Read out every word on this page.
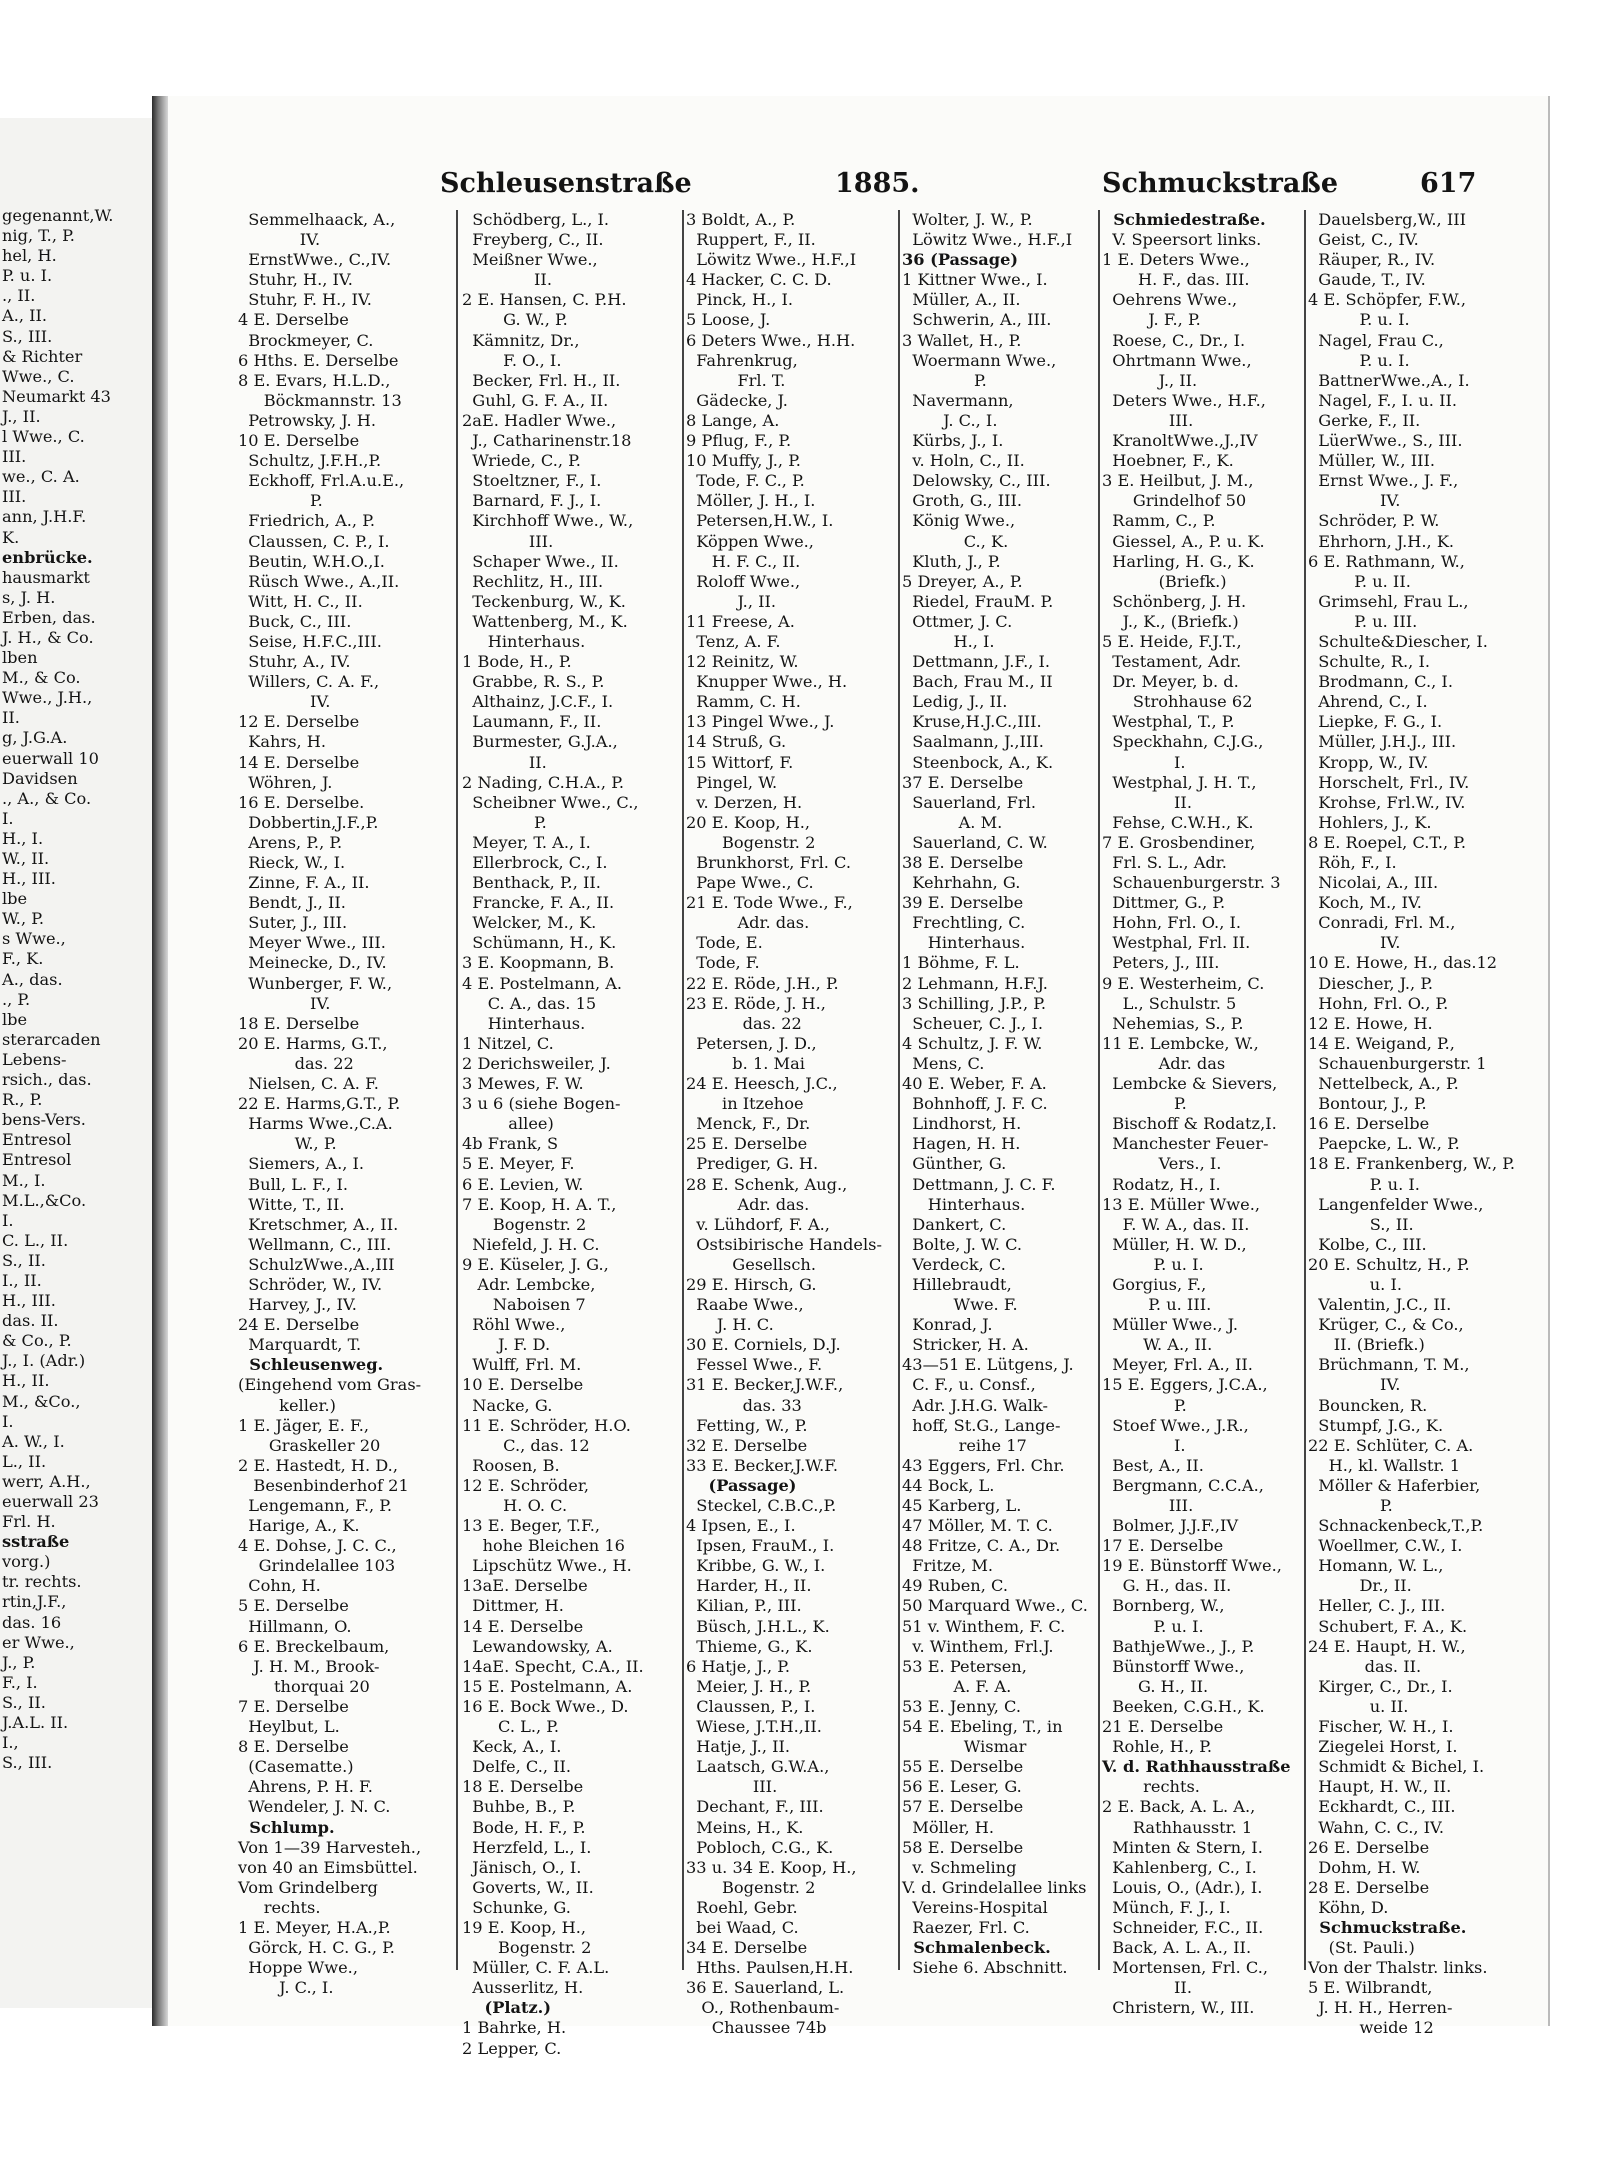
gegenannt,W.
nig, T., P.
hel, H.
P. u. I.
., II.
A., II.
S., III.
& Richter
Wwe., C.
Neumarkt 43
J., II.
l Wwe., C.
III.
we., C. A.
III.
ann, J.H.F.
K.
enbrücke.
hausmarkt
s, J. H.
Erben, das.
J. H., & Co.
lben
M., & Co.
Wwe., J.H.,
II.
g, J.G.A.
euerwall 10
Davidsen
., A., & Co.
I.
H., I.
W., II.
H., III.
lbe
W., P.
s Wwe.,
F., K.
A., das.
., P.
lbe
sterarcaden
Lebens-
rsich., das.
R., P.
bens-Vers.
Entresol
Entresol
M., I.
M.L.,&Co.
I.
C. L., II.
S., II.
I., II.
H., III.
das. II.
& Co., P.
J., I. (Adr.)
H., II.
M., &Co.,
I.
A. W., I.
L., II.
werr, A.H.,
euerwall 23
Frl. H.
sstraße
vorg.)
tr. rechts.
rtin,J.F.,
das. 16
er Wwe.,
J., P.
F., I.
S., II.
J.A.L. II.
I.,
S., III.
Schleusenstraße	1885.	Schmuckstraße	617
Semmelhaack, A.,
IV.
ErnstWwe., C.,IV.
Stuhr, H., IV.
Stuhr, F. H., IV.
4 E. Derselbe
Brockmeyer, C.
6 Hths. E. Derselbe
8 E. Evars, H.L.D.,
Böckmannstr. 13
Petrowsky, J. H.
10 E. Derselbe
Schultz, J.F.H.,P.
Eckhoff, Frl.A.u.E.,
P.
Friedrich, A., P.
Claussen, C. P., I.
Beutin, W.H.O.,I.
Rüsch Wwe., A.,II.
Witt, H. C., II.
Buck, C., III.
Seise, H.F.C.,III.
Stuhr, A., IV.
Willers, C. A. F.,
IV.
12 E. Derselbe
Kahrs, H.
14 E. Derselbe
Wöhren, J.
16 E. Derselbe.
Dobbertin,J.F.,P.
Arens, P., P.
Rieck, W., I.
Zinne, F. A., II.
Bendt, J., II.
Suter, J., III.
Meyer Wwe., III.
Meinecke, D., IV.
Wunberger, F. W.,
IV.
18 E. Derselbe
20 E. Harms, G.T.,
das. 22
Nielsen, C. A. F.
22 E. Harms,G.T., P.
Harms Wwe.,C.A.
W., P.
Siemers, A., I.
Bull, L. F., I.
Witte, T., II.
Kretschmer, A., II.
Wellmann, C., III.
SchulzWwe.,A.,III
Schröder, W., IV.
Harvey, J., IV.
24 E. Derselbe
Marquardt, T.
Schleusenweg.
(Eingehend vom Gras-
keller.)
1 E. Jäger, E. F.,
Graskeller 20
2 E. Hastedt, H. D.,
Besenbinderhof 21
Lengemann, F., P.
Harige, A., K.
4 E. Dohse, J. C. C.,
Grindelallee 103
Cohn, H.
5 E. Derselbe
Hillmann, O.
6 E. Breckelbaum,
J. H. M., Brook-
thorquai 20
7 E. Derselbe
Heylbut, L.
8 E. Derselbe
(Casematte.)
Ahrens, P. H. F.
Wendeler, J. N. C.
Schlump.
Von 1—39 Harvesteh.,
von 40 an Eimsbüttel.
Vom Grindelberg
rechts.
1 E. Meyer, H.A.,P.
Görck, H. C. G., P.
Hoppe Wwe.,
J. C., I.
Schödberg, L., I.
Freyberg, C., II.
Meißner Wwe.,
II.
2 E. Hansen, C. P.H.
G. W., P.
Kämnitz, Dr.,
F. O., I.
Becker, Frl. H., II.
Guhl, G. F. A., II.
2aE. Hadler Wwe.,
J., Catharinenstr.18
Wriede, C., P.
Stoeltzner, F., I.
Barnard, F. J., I.
Kirchhoff Wwe., W.,
III.
Schaper Wwe., II.
Rechlitz, H., III.
Teckenburg, W., K.
Wattenberg, M., K.
Hinterhaus.
1 Bode, H., P.
Grabbe, R. S., P.
Althainz, J.C.F., I.
Laumann, F., II.
Burmester, G.J.A.,
II.
2 Nading, C.H.A., P.
Scheibner Wwe., C.,
P.
Meyer, T. A., I.
Ellerbrock, C., I.
Benthack, P., II.
Francke, F. A., II.
Welcker, M., K.
Schümann, H., K.
3 E. Koopmann, B.
4 E. Postelmann, A.
C. A., das. 15
Hinterhaus.
1 Nitzel, C.
2 Derichsweiler, J.
3 Mewes, F. W.
3 u 6 (siehe Bogen-
allee)
4b Frank, S
5 E. Meyer, F.
6 E. Levien, W.
7 E. Koop, H. A. T.,
Bogenstr. 2
Niefeld, J. H. C.
9 E. Küseler, J. G.,
Adr. Lembcke,
Naboisen 7
Röhl Wwe.,
J. F. D.
Wulff, Frl. M.
10 E. Derselbe
Nacke, G.
11 E. Schröder, H.O.
C., das. 12
Roosen, B.
12 E. Schröder,
H. O. C.
13 E. Beger, T.F.,
hohe Bleichen 16
Lipschütz Wwe., H.
13aE. Derselbe
Dittmer, H.
14 E. Derselbe
Lewandowsky, A.
14aE. Specht, C.A., II.
15 E. Postelmann, A.
16 E. Bock Wwe., D.
C. L., P.
Keck, A., I.
Delfe, C., II.
18 E. Derselbe
Buhbe, B., P.
Bode, H. F., P.
Herzfeld, L., I.
Jänisch, O., I.
Goverts, W., II.
Schunke, G.
19 E. Koop, H.,
Bogenstr. 2
Müller, C. F. A.L.
Ausserlitz, H.
(Platz.)
1 Bahrke, H.
2 Lepper, C.
3 Boldt, A., P.
Ruppert, F., II.
Löwitz Wwe., H.F.,I
4 Hacker, C. C. D.
Pinck, H., I.
5 Loose, J.
6 Deters Wwe., H.H.
Fahrenkrug,
Frl. T.
Gädecke, J.
8 Lange, A.
9 Pflug, F., P.
10 Muffy, J., P.
Tode, F. C., P.
Möller, J. H., I.
Petersen,H.W., I.
Köppen Wwe.,
H. F. C., II.
Roloff Wwe.,
J., II.
11 Freese, A.
Tenz, A. F.
12 Reinitz, W.
Knupper Wwe., H.
Ramm, C. H.
13 Pingel Wwe., J.
14 Struß, G.
15 Wittorf, F.
Pingel, W.
v. Derzen, H.
20 E. Koop, H.,
Bogenstr. 2
Brunkhorst, Frl. C.
Pape Wwe., C.
21 E. Tode Wwe., F.,
Adr. das.
Tode, E.
Tode, F.
22 E. Röde, J.H., P.
23 E. Röde, J. H.,
das. 22
Petersen, J. D.,
b. 1. Mai
24 E. Heesch, J.C.,
in Itzehoe
Menck, F., Dr.
25 E. Derselbe
Prediger, G. H.
28 E. Schenk, Aug.,
Adr. das.
v. Lühdorf, F. A.,
Ostsibirische Handels-
Gesellsch.
29 E. Hirsch, G.
Raabe Wwe.,
J. H. C.
30 E. Corniels, D.J.
Fessel Wwe., F.
31 E. Becker,J.W.F.,
das. 33
Fetting, W., P.
32 E. Derselbe
33 E. Becker,J.W.F.
(Passage)
Steckel, C.B.C.,P.
4 Ipsen, E., I.
Ipsen, FrauM., I.
Kribbe, G. W., I.
Harder, H., II.
Kilian, P., III.
Büsch, J.H.L., K.
Thieme, G., K.
6 Hatje, J., P.
Meier, J. H., P.
Claussen, P., I.
Wiese, J.T.H.,II.
Hatje, J., II.
Laatsch, G.W.A.,
III.
Dechant, F., III.
Meins, H., K.
Pobloch, C.G., K.
33 u. 34 E. Koop, H.,
Bogenstr. 2
Roehl, Gebr.
bei Waad, C.
34 E. Derselbe
Hths. Paulsen,H.H.
36 E. Sauerland, L.
O., Rothenbaum-
Chaussee 74b
Wolter, J. W., P.
Löwitz Wwe., H.F.,I
36 (Passage)
1 Kittner Wwe., I.
Müller, A., II.
Schwerin, A., III.
3 Wallet, H., P.
Woermann Wwe.,
P.
Navermann,
J. C., I.
Kürbs, J., I.
v. Holn, C., II.
Delowsky, C., III.
Groth, G., III.
König Wwe.,
C., K.
Kluth, J., P.
5 Dreyer, A., P.
Riedel, FrauM. P.
Ottmer, J. C.
H., I.
Dettmann, J.F., I.
Bach, Frau M., II
Ledig, J., II.
Kruse,H.J.C.,III.
Saalmann, J.,III.
Steenbock, A., K.
37 E. Derselbe
Sauerland, Frl.
A. M.
Sauerland, C. W.
38 E. Derselbe
Kehrhahn, G.
39 E. Derselbe
Frechtling, C.
Hinterhaus.
1 Böhme, F. L.
2 Lehmann, H.F.J.
3 Schilling, J.P., P.
Scheuer, C. J., I.
4 Schultz, J. F. W.
Mens, C.
40 E. Weber, F. A.
Bohnhoff, J. F. C.
Lindhorst, H.
Hagen, H. H.
Günther, G.
Dettmann, J. C. F.
Hinterhaus.
Dankert, C.
Bolte, J. W. C.
Verdeck, C.
Hillebraudt,
Wwe. F.
Konrad, J.
Stricker, H. A.
43—51 E. Lütgens, J.
C. F., u. Consf.,
Adr. J.H.G. Walk-
hoff, St.G., Lange-
reihe 17
43 Eggers, Frl. Chr.
44 Bock, L.
45 Karberg, L.
47 Möller, M. T. C.
48 Fritze, C. A., Dr.
Fritze, M.
49 Ruben, C.
50 Marquard Wwe., C.
51 v. Winthem, F. C.
v. Winthem, Frl.J.
53 E. Petersen,
A. F. A.
53 E. Jenny, C.
54 E. Ebeling, T., in
Wismar
55 E. Derselbe
56 E. Leser, G.
57 E. Derselbe
Möller, H.
58 E. Derselbe
v. Schmeling
V. d. Grindelallee links
Vereins-Hospital
Raezer, Frl. C.
Schmalenbeck.
Siehe 6. Abschnitt.
Schmiedestraße.
V. Speersort links.
1 E. Deters Wwe.,
H. F., das. III.
Oehrens Wwe.,
J. F., P.
Roese, C., Dr., I.
Ohrtmann Wwe.,
J., II.
Deters Wwe., H.F.,
III.
KranoltWwe.,J.,IV
Hoebner, F., K.
3 E. Heilbut, J. M.,
Grindelhof 50
Ramm, C., P.
Giessel, A., P. u. K.
Harling, H. G., K.
(Briefk.)
Schönberg, J. H.
J., K., (Briefk.)
5 E. Heide, F.J.T.,
Testament, Adr.
Dr. Meyer, b. d.
Strohhause 62
Westphal, T., P.
Speckhahn, C.J.G.,
I.
Westphal, J. H. T.,
II.
Fehse, C.W.H., K.
7 E. Grosbendiner,
Frl. S. L., Adr.
Schauenburgerstr. 3
Dittmer, G., P.
Hohn, Frl. O., I.
Westphal, Frl. II.
Peters, J., III.
9 E. Westerheim, C.
L., Schulstr. 5
Nehemias, S., P.
11 E. Lembcke, W.,
Adr. das
Lembcke & Sievers,
P.
Bischoff & Rodatz,I.
Manchester Feuer-
Vers., I.
Rodatz, H., I.
13 E. Müller Wwe.,
F. W. A., das. II.
Müller, H. W. D.,
P. u. I.
Gorgius, F.,
P. u. III.
Müller Wwe., J.
W. A., II.
Meyer, Frl. A., II.
15 E. Eggers, J.C.A.,
P.
Stoef Wwe., J.R.,
I.
Best, A., II.
Bergmann, C.C.A.,
III.
Bolmer, J.J.F.,IV
17 E. Derselbe
19 E. Bünstorff Wwe.,
G. H., das. II.
Bornberg, W.,
P. u. I.
BathjeWwe., J., P.
Bünstorff Wwe.,
G. H., II.
Beeken, C.G.H., K.
21 E. Derselbe
Rohle, H., P.
V. d. Rathhausstraße
rechts.
2 E. Back, A. L. A.,
Rathhausstr. 1
Minten & Stern, I.
Kahlenberg, C., I.
Louis, O., (Adr.), I.
Münch, F. J., I.
Schneider, F.C., II.
Back, A. L. A., II.
Mortensen, Frl. C.,
II.
Christern, W., III.
Dauelsberg,W., III
Geist, C., IV.
Räuper, R., IV.
Gaude, T., IV.
4 E. Schöpfer, F.W.,
P. u. I.
Nagel, Frau C.,
P. u. I.
BattnerWwe.,A., I.
Nagel, F., I. u. II.
Gerke, F., II.
LüerWwe., S., III.
Müller, W., III.
Ernst Wwe., J. F.,
IV.
Schröder, P. W.
Ehrhorn, J.H., K.
6 E. Rathmann, W.,
P. u. II.
Grimsehl, Frau L.,
P. u. III.
Schulte&Diescher, I.
Schulte, R., I.
Brodmann, C., I.
Ahrend, C., I.
Liepke, F. G., I.
Müller, J.H.J., III.
Kropp, W., IV.
Horschelt, Frl., IV.
Krohse, Frl.W., IV.
Hohlers, J., K.
8 E. Roepel, C.T., P.
Röh, F., I.
Nicolai, A., III.
Koch, M., IV.
Conradi, Frl. M.,
IV.
10 E. Howe, H., das.12
Diescher, J., P.
Hohn, Frl. O., P.
12 E. Howe, H.
14 E. Weigand, P.,
Schauenburgerstr. 1
Nettelbeck, A., P.
Bontour, J., P.
16 E. Derselbe
Paepcke, L. W., P.
18 E. Frankenberg, W., P.
P. u. I.
Langenfelder Wwe.,
S., II.
Kolbe, C., III.
20 E. Schultz, H., P.
u. I.
Valentin, J.C., II.
Krüger, C., & Co.,
II. (Briefk.)
Brüchmann, T. M.,
IV.
Bouncken, R.
Stumpf, J.G., K.
22 E. Schlüter, C. A.
H., kl. Wallstr. 1
Möller & Haferbier,
P.
Schnackenbeck,T.,P.
Woellmer, C.W., I.
Homann, W. L.,
Dr., II.
Heller, C. J., III.
Schubert, F. A., K.
24 E. Haupt, H. W.,
das. II.
Kirger, C., Dr., I.
u. II.
Fischer, W. H., I.
Ziegelei Horst, I.
Schmidt & Bichel, I.
Haupt, H. W., II.
Eckhardt, C., III.
Wahn, C. C., IV.
26 E. Derselbe
Dohm, H. W.
28 E. Derselbe
Köhn, D.
Schmuckstraße.
(St. Pauli.)
Von der Thalstr. links.
5 E. Wilbrandt,
J. H. H., Herren-
weide 12
